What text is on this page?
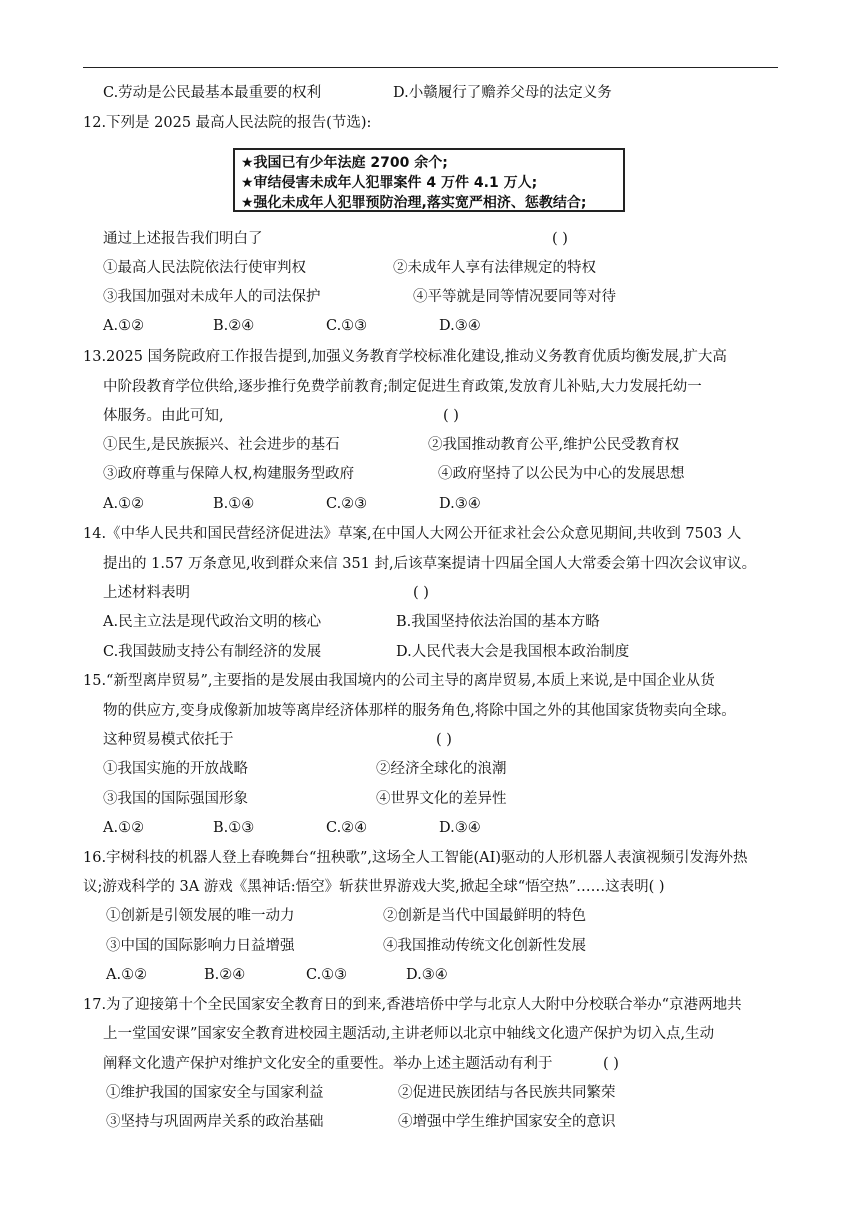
C.劳动是公民最基本最重要的权利	D.小赣履行了赡养父母的法定义务
12.下列是 2025 最高人民法院的报告(节选):
★我国已有少年法庭 2700 余个;
★审结侵害未成年人犯罪案件 4 万件 4.1 万人;
★强化未成年人犯罪预防治理,落实宽严相济、惩教结合;
通过上述报告我们明白了	( )
①最高人民法院依法行使审判权	②未成年人享有法律规定的特权
③我国加强对未成年人的司法保护	④平等就是同等情况要同等对待
A.①②	B.②④	C.①③	D.③④
13.2025 国务院政府工作报告提到,加强义务教育学校标准化建设,推动义务教育优质均衡发展,扩大高
中阶段教育学位供给,逐步推行免费学前教育;制定促进生育政策,发放育儿补贴,大力发展托幼一
体服务。由此可知,	( )
①民生,是民族振兴、社会进步的基石	②我国推动教育公平,维护公民受教育权
③政府尊重与保障人权,构建服务型政府	④政府坚持了以公民为中心的发展思想
A.①②	B.①④	C.②③	D.③④
14.《中华人民共和国民营经济促进法》草案,在中国人大网公开征求社会公众意见期间,共收到 7503 人
提出的 1.57 万条意见,收到群众来信 351 封,后该草案提请十四届全国人大常委会第十四次会议审议。
上述材料表明	( )
A.民主立法是现代政治文明的核心	B.我国坚持依法治国的基本方略
C.我国鼓励支持公有制经济的发展	D.人民代表大会是我国根本政治制度
15.“新型离岸贸易”,主要指的是发展由我国境内的公司主导的离岸贸易,本质上来说,是中国企业从货
物的供应方,变身成像新加坡等离岸经济体那样的服务角色,将除中国之外的其他国家货物卖向全球。
这种贸易模式依托于	( )
①我国实施的开放战略	②经济全球化的浪潮
③我国的国际强国形象	④世界文化的差异性
A.①②	B.①③	C.②④	D.③④
16.宇树科技的机器人登上春晚舞台“扭秧歌”,这场全人工智能(AI)驱动的人形机器人表演视频引发海外热
议;游戏科学的 3A 游戏《黑神话:悟空》斩获世界游戏大奖,掀起全球“悟空热”……这表明( )
①创新是引领发展的唯一动力	②创新是当代中国最鲜明的特色
③中国的国际影响力日益增强	④我国推动传统文化创新性发展
A.①②	B.②④	C.①③	D.③④
17.为了迎接第十个全民国家安全教育日的到来,香港培侨中学与北京人大附中分校联合举办“京港两地共
上一堂国安课”国家安全教育进校园主题活动,主讲老师以北京中轴线文化遗产保护为切入点,生动
阐释文化遗产保护对维护文化安全的重要性。举办上述主题活动有利于	( )
①维护我国的国家安全与国家利益	②促进民族团结与各民族共同繁荣
③坚持与巩固两岸关系的政治基础	④增强中学生维护国家安全的意识
